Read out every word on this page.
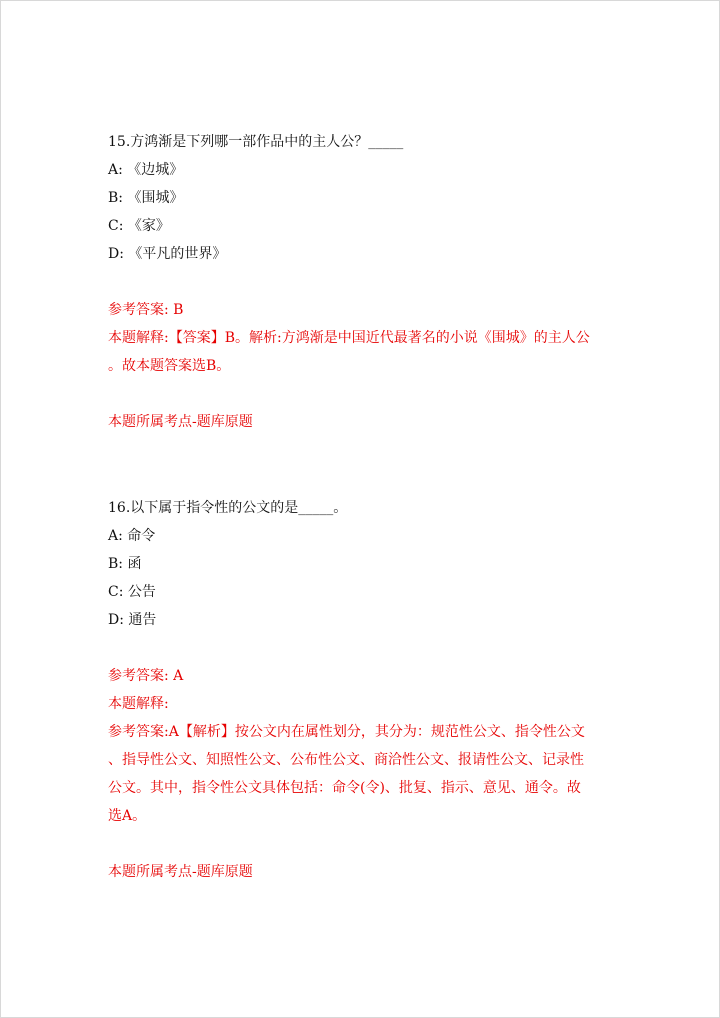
15.方鸿渐是下列哪一部作品中的主人公？_____
A: 《边城》
B: 《围城》
C: 《家》
D: 《平凡的世界》
参考答案: B
本题解释:【答案】B。解析:方鸿渐是中国近代最著名的小说《围城》的主人公
。故本题答案选B。
本题所属考点-题库原题
16.以下属于指令性的公文的是_____。
A: 命令
B: 函
C: 公告
D: 通告
参考答案: A
本题解释:
参考答案:A【解析】按公文内在属性划分，其分为：规范性公文、指令性公文
、指导性公文、知照性公文、公布性公文、商洽性公文、报请性公文、记录性
公文。其中，指令性公文具体包括：命令(令)、批复、指示、意见、通令。故
选A。
本题所属考点-题库原题
